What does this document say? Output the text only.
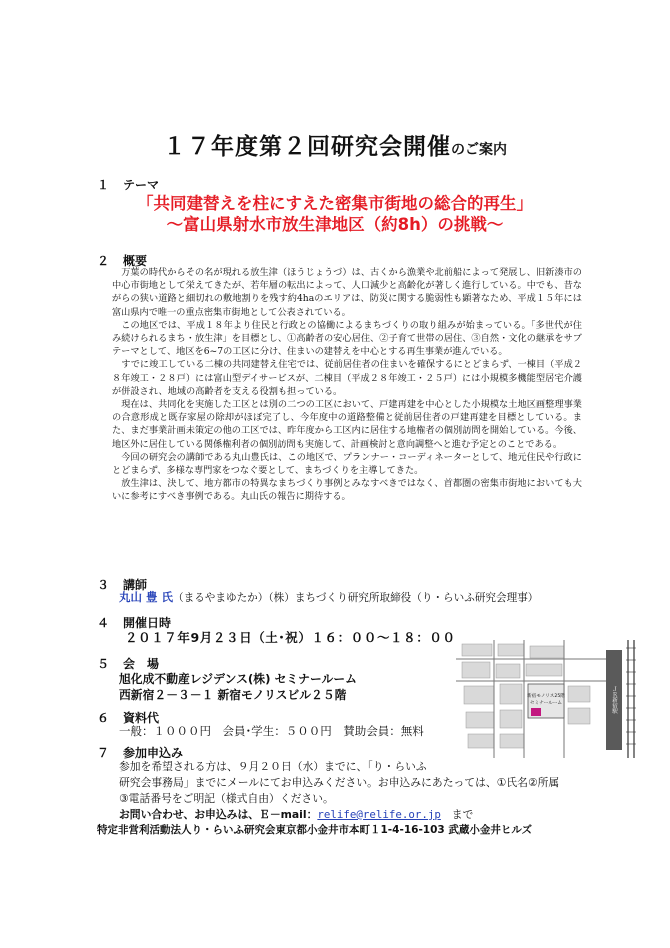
１７年度第２回研究会開催のご案内
１ テーマ
「共同建替えを柱にすえた密集市街地の総合的再生」
～富山県射水市放生津地区（約8h）の挑戦～
２ 概要

万葉の時代からその名が現れる放生津（ほうじょうづ）は、古くから漁業や北前船によって発展し、旧新湊市の中心市街地として栄えてきたが、若年層の転出によって、人口減少と高齢化が著しく進行している。中でも、昔ながらの狭い道路と細切れの敷地割りを残す約4haのエリアは、防災に関する脆弱性も顕著なため、平成１５年には富山県内で唯一の重点密集市街地として公表されている。

この地区では、平成１８年より住民と行政との協働によるまちづくりの取り組みが始まっている。「多世代が住み続けられるまち・放生津」を目標とし、①高齢者の安心居住、②子育て世帯の居住、③自然・文化の継承をサブテーマとして、地区を6~7の工区に分け、住まいの建替えを中心とする再生事業が進んでいる。

すでに竣工している二棟の共同建替え住宅では、従前居住者の住まいを確保するにとどまらず、一棟目（平成２８年竣工・２８戸）には富山型デイサービスが、二棟目（平成２８年竣工・２５戸）には小規模多機能型居宅介護が併設され、地域の高齢者を支える役割も担っている。

現在は、共同化を実施した工区とは別の二つの工区において、戸建再建を中心とした小規模な土地区画整理事業の合意形成と既存家屋の除却がほぼ完了し、今年度中の道路整備と従前居住者の戸建再建を目標としている。また、まだ事業計画未策定の他の工区では、昨年度から工区内に居住する地権者の個別訪問を開始している。今後、地区外に居住している関係権利者の個別訪問も実施して、計画検討と意向調整へと進む予定とのことである。

今回の研究会の講師である丸山豊氏は、この地区で、プランナー・コーディネーターとして、地元住民や行政にとどまらず、多様な専門家をつなぐ要として、まちづくりを主導してきた。

放生津は、決して、地方都市の特異なまちづくり事例とみなすべきではなく、首都圏の密集市街地においても大いに参考にすべき事例である。丸山氏の報告に期待する。

３ 講師
丸山 豊 氏（まるやまゆたか）（株）まちづくり研究所取締役（り・らいふ研究会理事）
４ 開催日時
２０１７年9月２３日（土･祝）１６：００～１８：００
５ 会　場
旭化成不動産レジデンス(株) セミナールーム
西新宿２－３－１ 新宿モノリスビル２５階
６ 資料代
一般：１０００円　会員･学生：５００円　賛助会員：無料
７ 参加申込み
参加を希望される方は、９月２０日（水）までに、「り・らいふ
研究会事務局」までにメールにてお申込みください。お申込みにあたっては、①氏名②所属
③電話番号をご明記（様式自由）ください。
お問い合わせ、お申込みは、Ｅ－mail：relife@relife.or.jp　 まで
新宿モノリス25階
セミナールーム	ＪＲ新宿駅
特定非営利活動法人り・らいふ研究会東京都小金井市本町１1-4-16-103 武蔵小金井ヒルズ
